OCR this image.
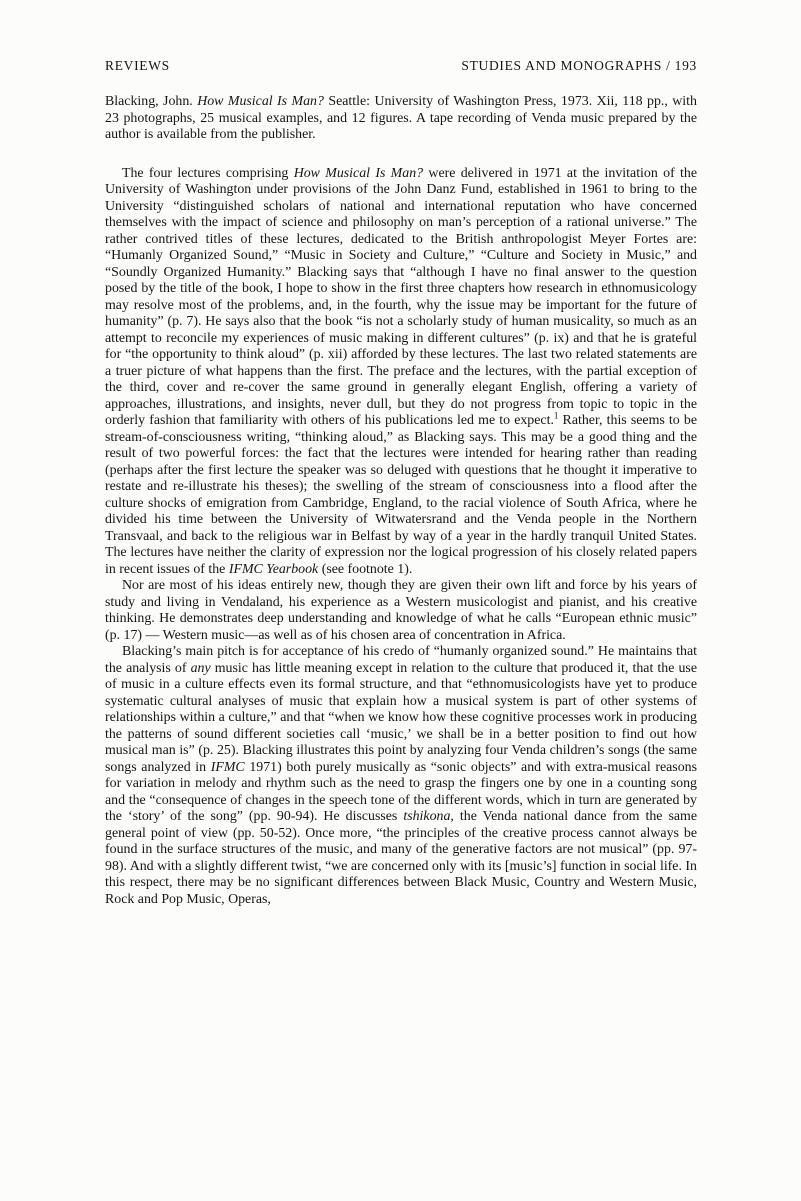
REVIEWS	STUDIES AND MONOGRAPHS / 193

Blacking, John. How Musical Is Man? Seattle: University of Washington Press, 1973. Xii, 118 pp., with 23 photographs, 25 musical examples, and 12 figures. A tape recording of Venda music prepared by the author is available from the publisher.

The four lectures comprising How Musical Is Man? were delivered in 1971 at the invitation of the University of Washington under provisions of the John Danz Fund, established in 1961 to bring to the University “distinguished scholars of national and international reputation who have concerned themselves with the impact of science and philosophy on man’s perception of a rational universe.” The rather contrived titles of these lectures, dedicated to the British anthropologist Meyer Fortes are: “Humanly Organized Sound,” “Music in Society and Culture,” “Culture and Society in Music,” and “Soundly Organized Humanity.” Blacking says that “although I have no final answer to the question posed by the title of the book, I hope to show in the first three chapters how research in ethnomusicology may resolve most of the problems, and, in the fourth, why the issue may be important for the future of humanity” (p. 7). He says also that the book “is not a scholarly study of human musicality, so much as an attempt to reconcile my experiences of music making in different cultures” (p. ix) and that he is grateful for “the opportunity to think aloud” (p. xii) afforded by these lectures. The last two related statements are a truer picture of what happens than the first. The preface and the lectures, with the partial exception of the third, cover and re-cover the same ground in generally elegant English, offering a variety of approaches, illustrations, and insights, never dull, but they do not progress from topic to topic in the orderly fashion that familiarity with others of his publications led me to expect.$^1$ Rather, this seems to be stream-of-consciousness writing, “thinking aloud,” as Blacking says. This may be a good thing and the result of two powerful forces: the fact that the lectures were intended for hearing rather than reading (perhaps after the first lecture the speaker was so deluged with questions that he thought it imperative to restate and re-illustrate his theses); the swelling of the stream of consciousness into a flood after the culture shocks of emigration from Cambridge, England, to the racial violence of South Africa, where he divided his time between the University of Witwatersrand and the Venda people in the Northern Transvaal, and back to the religious war in Belfast by way of a year in the hardly tranquil United States. The lectures have neither the clarity of expression nor the logical progression of his closely related papers in recent issues of the IFMC Yearbook (see footnote 1).

Nor are most of his ideas entirely new, though they are given their own lift and force by his years of study and living in Vendaland, his experience as a Western musicologist and pianist, and his creative thinking. He demonstrates deep understanding and knowledge of what he calls “European ethnic music” (p. 17) — Western music—as well as of his chosen area of concentration in Africa.

Blacking’s main pitch is for acceptance of his credo of “humanly organized sound.” He maintains that the analysis of any music has little meaning except in relation to the culture that produced it, that the use of music in a culture effects even its formal structure, and that “ethnomusicologists have yet to produce systematic cultural analyses of music that explain how a musical system is part of other systems of relationships within a culture,” and that “when we know how these cognitive processes work in producing the patterns of sound different societies call ‘music,’ we shall be in a better position to find out how musical man is” (p. 25). Blacking illustrates this point by analyzing four Venda children’s songs (the same songs analyzed in IFMC 1971) both purely musically as “sonic objects” and with extra-musical reasons for variation in melody and rhythm such as the need to grasp the fingers one by one in a counting song and the “consequence of changes in the speech tone of the different words, which in turn are generated by the ‘story’ of the song” (pp. 90-94). He discusses tshikona, the Venda national dance from the same general point of view (pp. 50-52). Once more, “the principles of the creative process cannot always be found in the surface structures of the music, and many of the generative factors are not musical” (pp. 97-98). And with a slightly different twist, “we are concerned only with its [music’s] function in social life. In this respect, there may be no significant differences between Black Music, Country and Western Music, Rock and Pop Music, Operas,
